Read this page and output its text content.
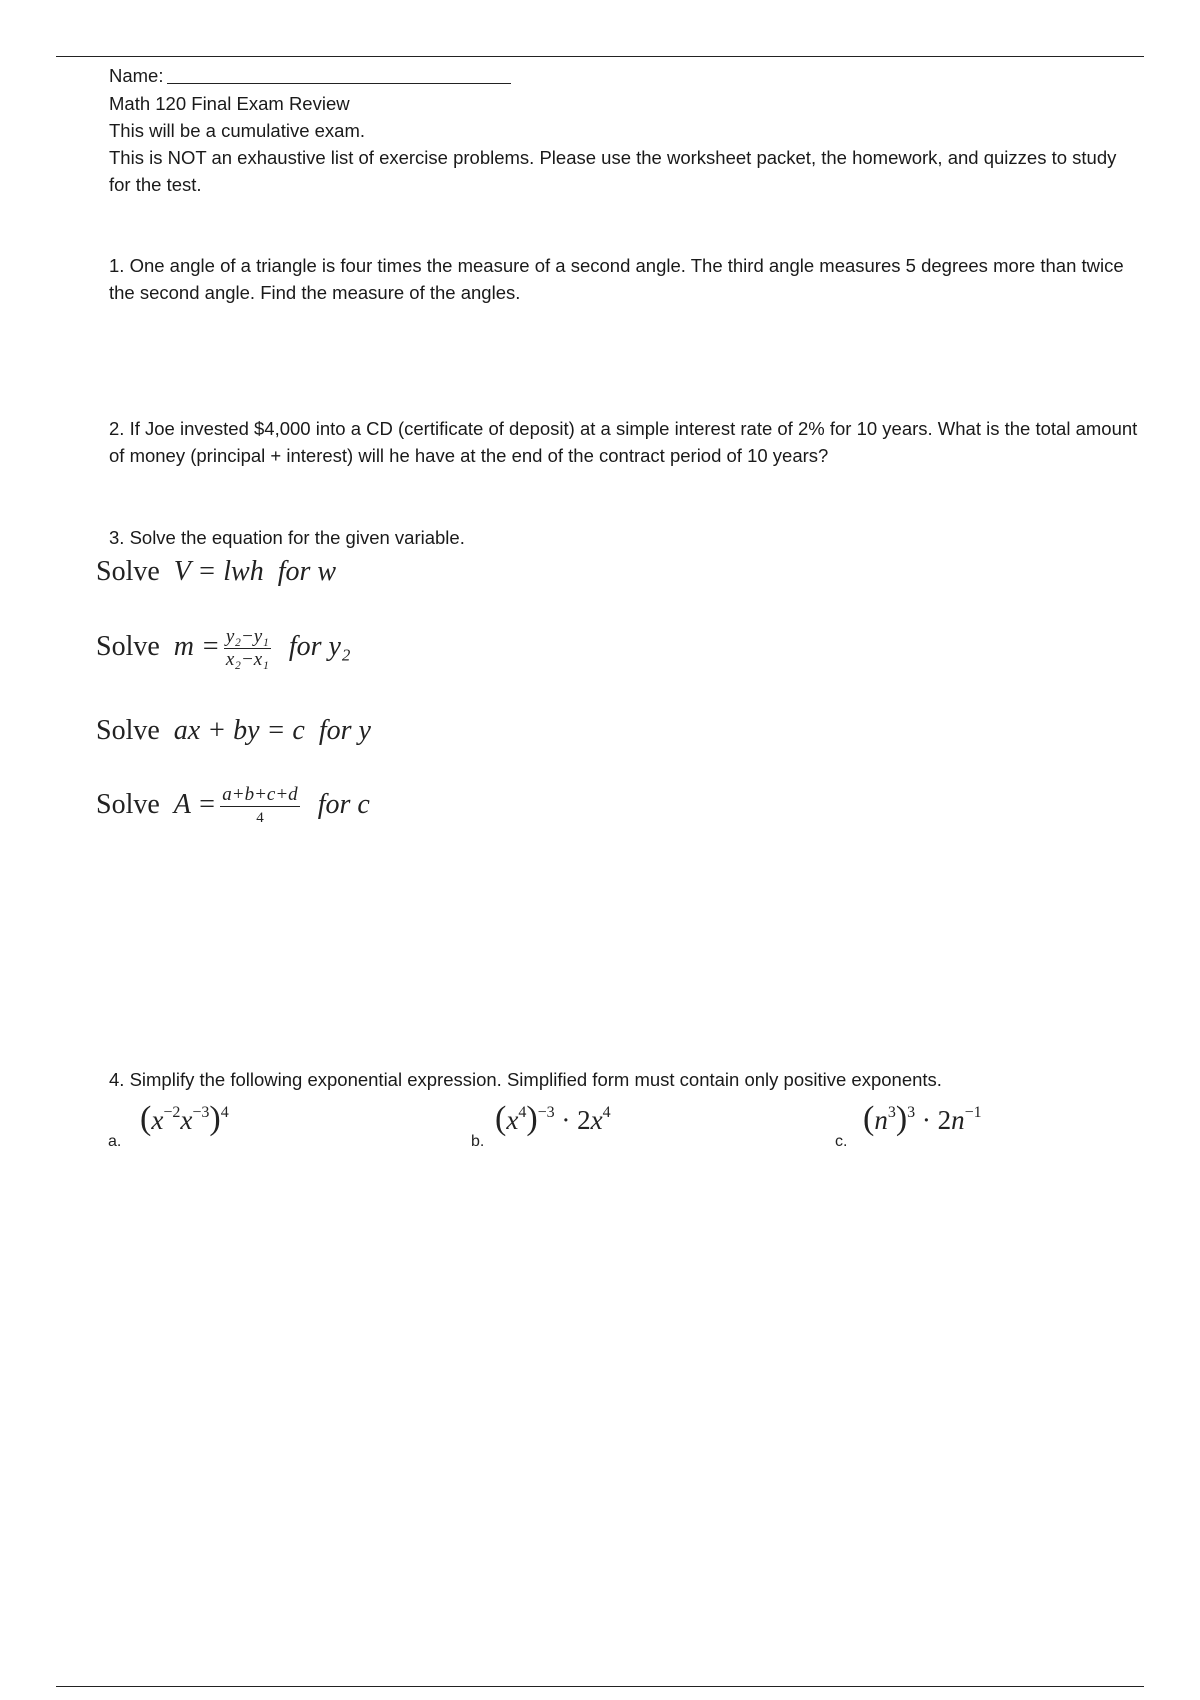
Name:
Math 120 Final Exam Review
This will be a cumulative exam.
This is NOT an exhaustive list of exercise problems. Please use the worksheet packet, the homework, and quizzes to study for the test.
1. One angle of a triangle is four times the measure of a second angle. The third angle measures 5 degrees more than twice the second angle. Find the measure of the angles.
2. If Joe invested $4,000 into a CD (certificate of deposit) at a simple interest rate of 2% for 10 years. What is the total amount of money (principal + interest) will he have at the end of the contract period of 10 years?
3. Solve the equation for the given variable.
Solve V = lwh for w
Solve $m = \frac{\text{y₂−y₁}}{\text{x₂−x₁}}$ for y₂
Solve ax + by = c for y
Solve $A = \frac{a+b+c+d}{4}$ for c
4. Simplify the following exponential expression. Simplified form must contain only positive exponents.
a.
$(x^{-2}x^{-3})^4$
b.
$(x^4)^{-3} \cdot 2x^4$
c.
$(n^3)^3 \cdot 2n^{-1}$
